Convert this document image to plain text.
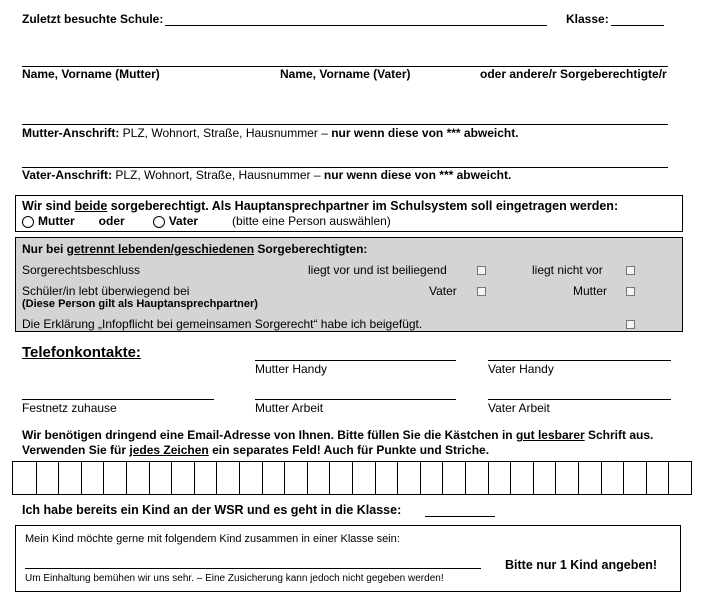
Zuletzt besuchte Schule:	Klasse:
Name, Vorname (Mutter)	Name, Vorname (Vater)	oder andere/r Sorgeberechtigte/r
Mutter-Anschrift: PLZ, Wohnort, Straße, Hausnummer – nur wenn diese von *** abweicht.
Vater-Anschrift: PLZ, Wohnort, Straße, Hausnummer – nur wenn diese von *** abweicht.
Wir sind beide sorgeberechtigt. Als Hauptansprechpartner im Schulsystem soll eingetragen werden:
Mutter oder	Vater	(bitte eine Person auswählen)
Nur bei getrennt lebenden/geschiedenen Sorgeberechtigten:
Sorgerechtsbeschluss	liegt vor und ist beiliegend	liegt nicht vor
Schüler/in lebt überwiegend bei	Vater	Mutter
(Diese Person gilt als Hauptansprechpartner)
Die Erklärung „Infopflicht bei gemeinsamen Sorgerecht“ habe ich beigefügt.
Telefonkontakte:
Mutter Handy	Vater Handy
Festnetz zuhause	Mutter Arbeit	Vater Arbeit
Wir benötigen dringend eine Email-Adresse von Ihnen. Bitte füllen Sie die Kästchen in gut lesbarer Schrift aus.
Verwenden Sie für jedes Zeichen ein separates Feld! Auch für Punkte und Striche.
Ich habe bereits ein Kind an der WSR und es geht in die Klasse:
Mein Kind möchte gerne mit folgendem Kind zusammen in einer Klasse sein:
Bitte nur 1 Kind angeben!
Um Einhaltung bemühen wir uns sehr. – Eine Zusicherung kann jedoch nicht gegeben werden!
